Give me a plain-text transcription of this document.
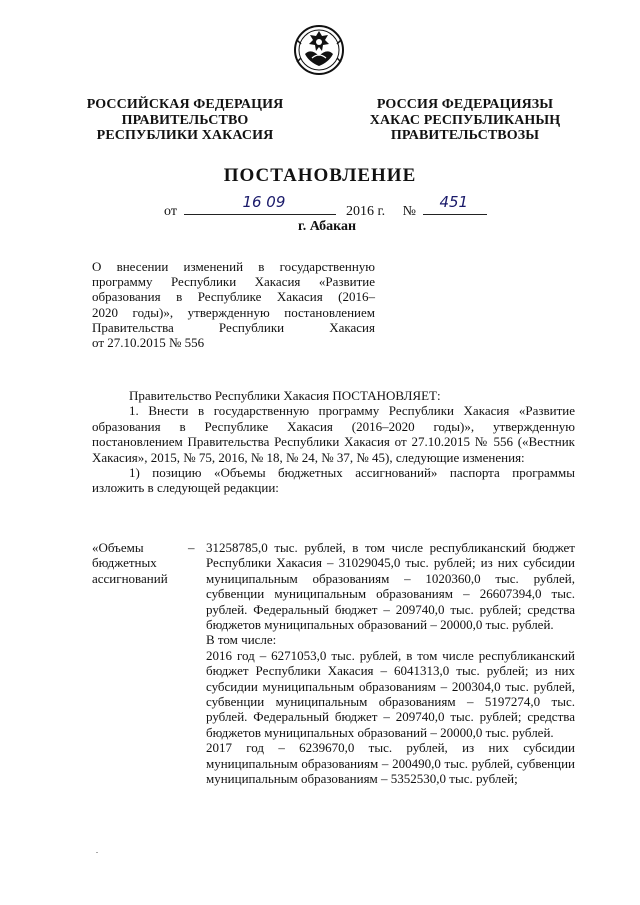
РОССИЙСКАЯ ФЕДЕРАЦИЯ
ПРАВИТЕЛЬСТВО
РЕСПУБЛИКИ ХАКАСИЯ
РОССИЯ ФЕДЕРАЦИЯЗЫ
ХАКАС РЕСПУБЛИКАНЫҢ
ПРАВИТЕЛЬСТВОЗЫ
ПОСТАНОВЛЕНИЕ
от
16 09
2016 г. №
451
г. Абакан

О внесении изменений в государственную

программу Республики Хакасия «Развитие

образования в Республике Хакасия (2016–

2020 годы)», утвержденную постановлением

Правительства Республики Хакасия

от 27.10.2015 № 556

Правительство Республики Хакасия ПОСТАНОВЛЯЕТ:

1. Внести в государственную программу Республики Хакасия «Развитие образования в Республике Хакасия (2016–2020 годы)», утвержденную постановлением Правительства Республики Хакасия от 27.10.2015 № 556 («Вестник Хакасия», 2015, № 75, 2016, № 18, № 24, № 37, № 45), следующие изменения:

1) позицию «Объемы бюджетных ассигнований» паспорта программы изложить в следующей редакции:

«Объемы бюджетных ассигнований
– 31258785,0 тыс. рублей, в том числе республиканский бюджет Республики Хакасия – 31029045,0 тыс. рублей; из них субсидии муниципальным образованиям – 1020360,0 тыс. рублей, субвенции муниципальным образованиям – 26607394,0 тыс. рублей. Федеральный бюджет – 209740,0 тыс. рублей; средства бюджетов муниципальных образований – 20000,0 тыс. рублей.

В том числе:

2016 год – 6271053,0 тыс. рублей, в том числе республиканский бюджет Республики Хакасия – 6041313,0 тыс. рублей; из них субсидии муниципальным образованиям – 200304,0 тыс. рублей, субвенции муниципальным образованиям – 5197274,0 тыс. рублей. Федеральный бюджет – 209740,0 тыс. рублей; средства бюджетов муниципальных образований – 20000,0 тыс. рублей.

2017 год – 6239670,0 тыс. рублей, из них субсидии муниципальным образованиям – 200490,0 тыс. рублей, субвенции муниципальным образованиям – 5352530,0 тыс. рублей;

.
